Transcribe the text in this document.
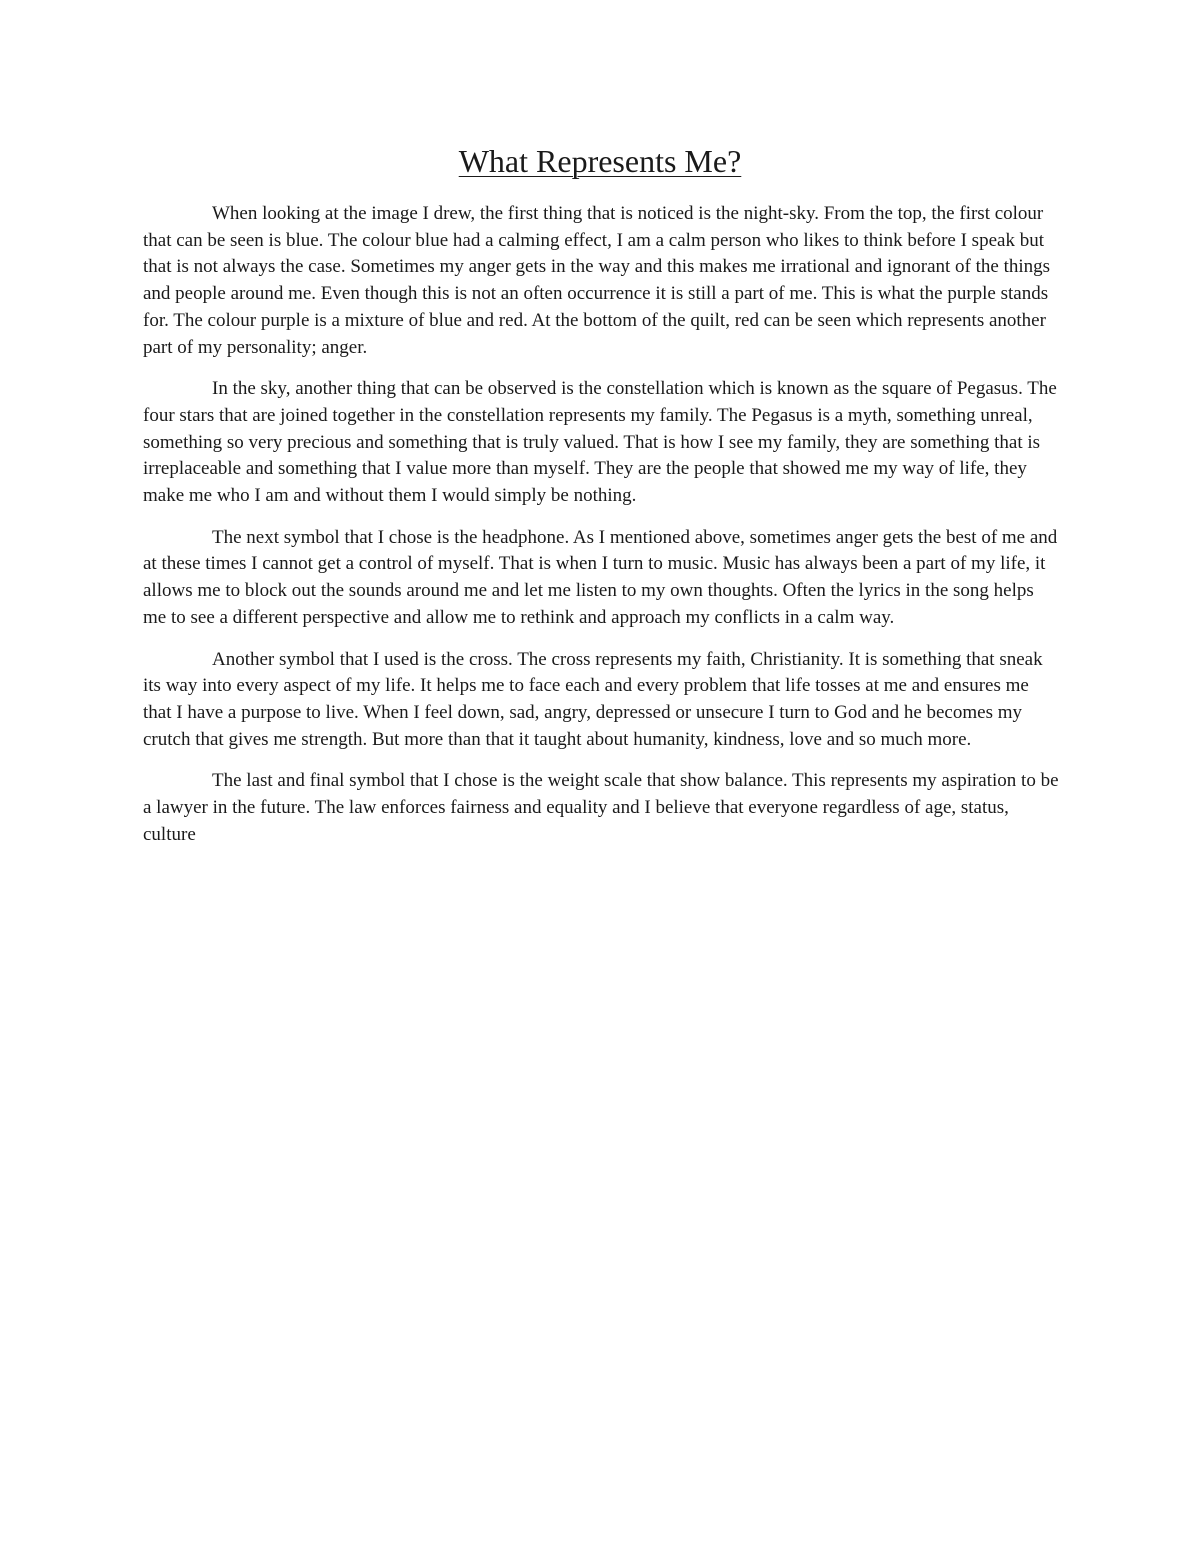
What Represents Me?

When looking at the image I drew, the first thing that is noticed is the night-sky. From the top, the first colour that can be seen is blue. The colour blue had a calming effect, I am a calm person who likes to think before I speak but that is not always the case. Sometimes my anger gets in the way and this makes me irrational and ignorant of the things and people around me. Even though this is not an often occurrence it is still a part of me. This is what the purple stands for. The colour purple is a mixture of blue and red. At the bottom of the quilt, red can be seen which represents another part of my personality; anger.

In the sky, another thing that can be observed is the constellation which is known as the square of Pegasus. The four stars that are joined together in the constellation represents my family. The Pegasus is a myth, something unreal, something so very precious and something that is truly valued. That is how I see my family, they are something that is irreplaceable and something that I value more than myself. They are the people that showed me my way of life, they make me who I am and without them I would simply be nothing.

The next symbol that I chose is the headphone. As I mentioned above, sometimes anger gets the best of me and at these times I cannot get a control of myself. That is when I turn to music. Music has always been a part of my life, it allows me to block out the sounds around me and let me listen to my own thoughts. Often the lyrics in the song helps me to see a different perspective and allow me to rethink and approach my conflicts in a calm way.

Another symbol that I used is the cross. The cross represents my faith, Christianity. It is something that sneak its way into every aspect of my life. It helps me to face each and every problem that life tosses at me and ensures me that I have a purpose to live. When I feel down, sad, angry, depressed or unsecure I turn to God and he becomes my crutch that gives me strength. But more than that it taught about humanity, kindness, love and so much more.

The last and final symbol that I chose is the weight scale that show balance. This represents my aspiration to be a lawyer in the future. The law enforces fairness and equality and I believe that everyone regardless of age, status, culture
